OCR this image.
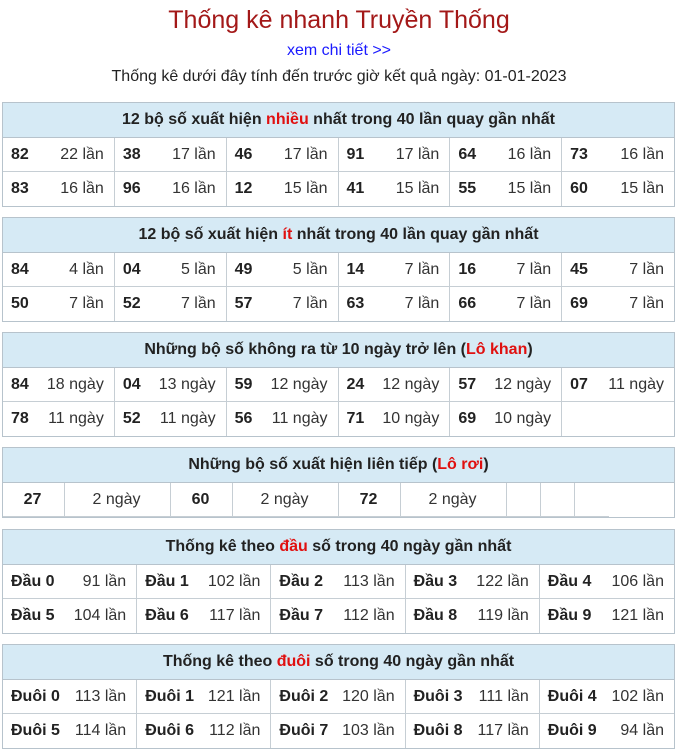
Thống kê nhanh Truyền Thống
xem chi tiết >>
Thống kê dưới đây tính đến trước giờ kết quả ngày: 01-01-2023
12 bộ số xuất hiện nhiều nhất trong 40 lần quay gần nhất
82 22 lần 38 17 lần 46 17 lần 91 17 lần 64 16 lần 73 16 lần
83 16 lần 96 16 lần 12 15 lần 41 15 lần 55 15 lần 60 15 lần
12 bộ số xuất hiện ít nhất trong 40 lần quay gần nhất
84	4 lần 04	5 lần 49	5 lần 14	7 lần 16	7 lần 45	7 lần
50	7 lần 52	7 lần 57	7 lần 63	7 lần 66	7 lần 69	7 lần
Những bộ số không ra từ 10 ngày trở lên (Lô khan)
84 18 ngày 04 13 ngày 59 12 ngày 24 12 ngày 57 12 ngày 07 11 ngày
78 11 ngày 52 11 ngày 56 11 ngày 71 10 ngày 69 10 ngày
Những bộ số xuất hiện liên tiếp (Lô rơi)
27	2 ngày	60	2 ngày	72	2 ngày
Thống kê theo đầu số trong 40 ngày gần nhất
Đầu 0 91 lần Đầu 1 102 lần Đầu 2 113 lần Đầu 3 122 lần Đầu 4 106 lần
Đầu 5 104 lần Đầu 6 117 lần Đầu 7 112 lần Đầu 8 119 lần Đầu 9 121 lần
Thống kê theo đuôi số trong 40 ngày gần nhất
Đuôi 0 113 lần Đuôi 1 121 lần Đuôi 2 120 lần Đuôi 3 111 lần Đuôi 4 102 lần
Đuôi 5 114 lần Đuôi 6 112 lần Đuôi 7 103 lần Đuôi 8 117 lần Đuôi 9 94 lần
